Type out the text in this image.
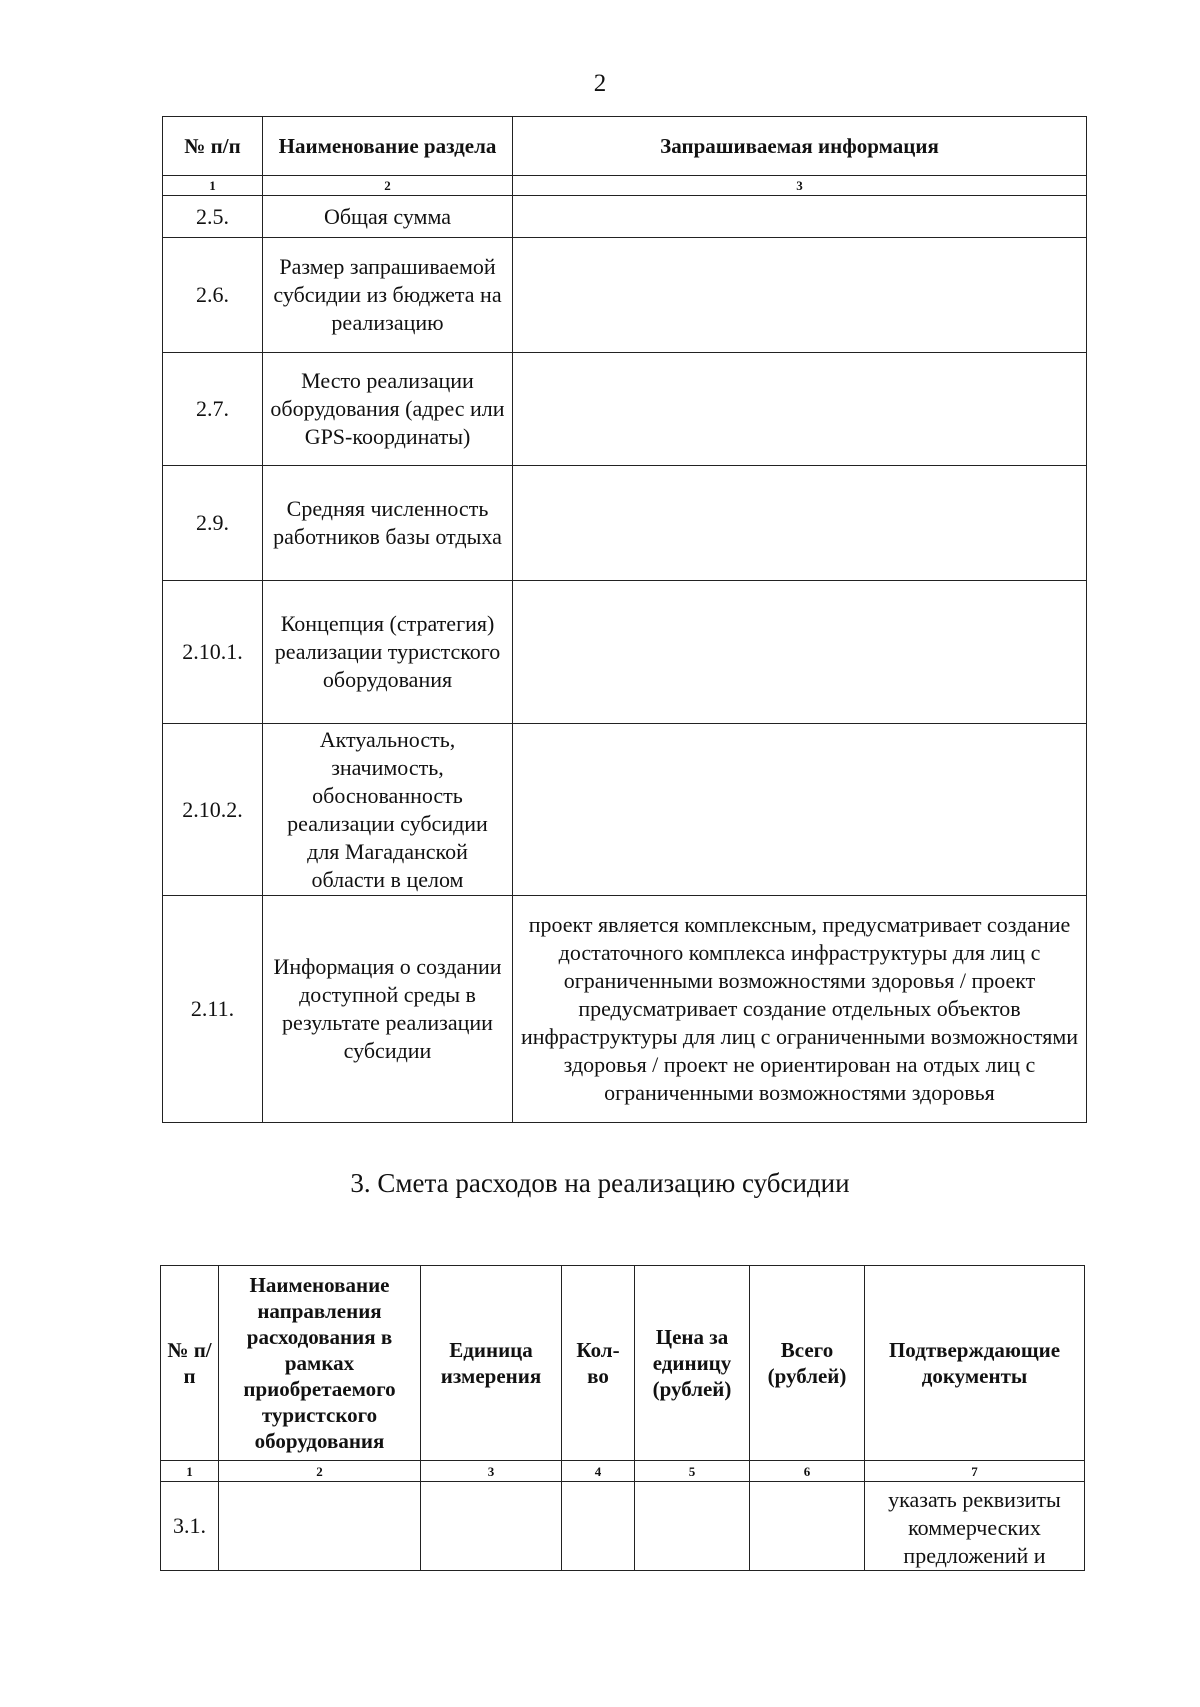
2
№ п/п	Наименование раздела	Запрашиваемая информация
1	2	3
2.5.	Общая сумма	
2.6.	Размер запрашиваемой субсидии из бюджета на реализацию	
2.7.	Место реализации оборудования (адрес или GPS-координаты)	
2.9.	Средняя численность работников базы отдыха	
2.10.1.	Концепция (стратегия) реализации туристского оборудования	
2.10.2.	Актуальность, значимость, обоснованность реализации субсидии для Магаданской области в целом	
2.11.	Информация о создании доступной среды в результате реализации субсидии	проект является комплексным, предусматривает создание достаточного комплекса инфраструктуры для лиц с ограниченными возможностями здоровья / проект предусматривает создание отдельных объектов инфраструктуры для лиц с ограниченными возможностями здоровья / проект не ориентирован на отдых лиц с ограниченными возможностями здоровья
3. Смета расходов на реализацию субсидии
№ п/п	Наименование направления расходования в рамках приобретаемого туристского оборудования	Единица измерения	Кол-во	Цена за единицу (рублей)	Всего (рублей)	Подтверждающие документы
1	2	3	4	5	6	7
3.1.						указать реквизиты коммерческих предложений и
